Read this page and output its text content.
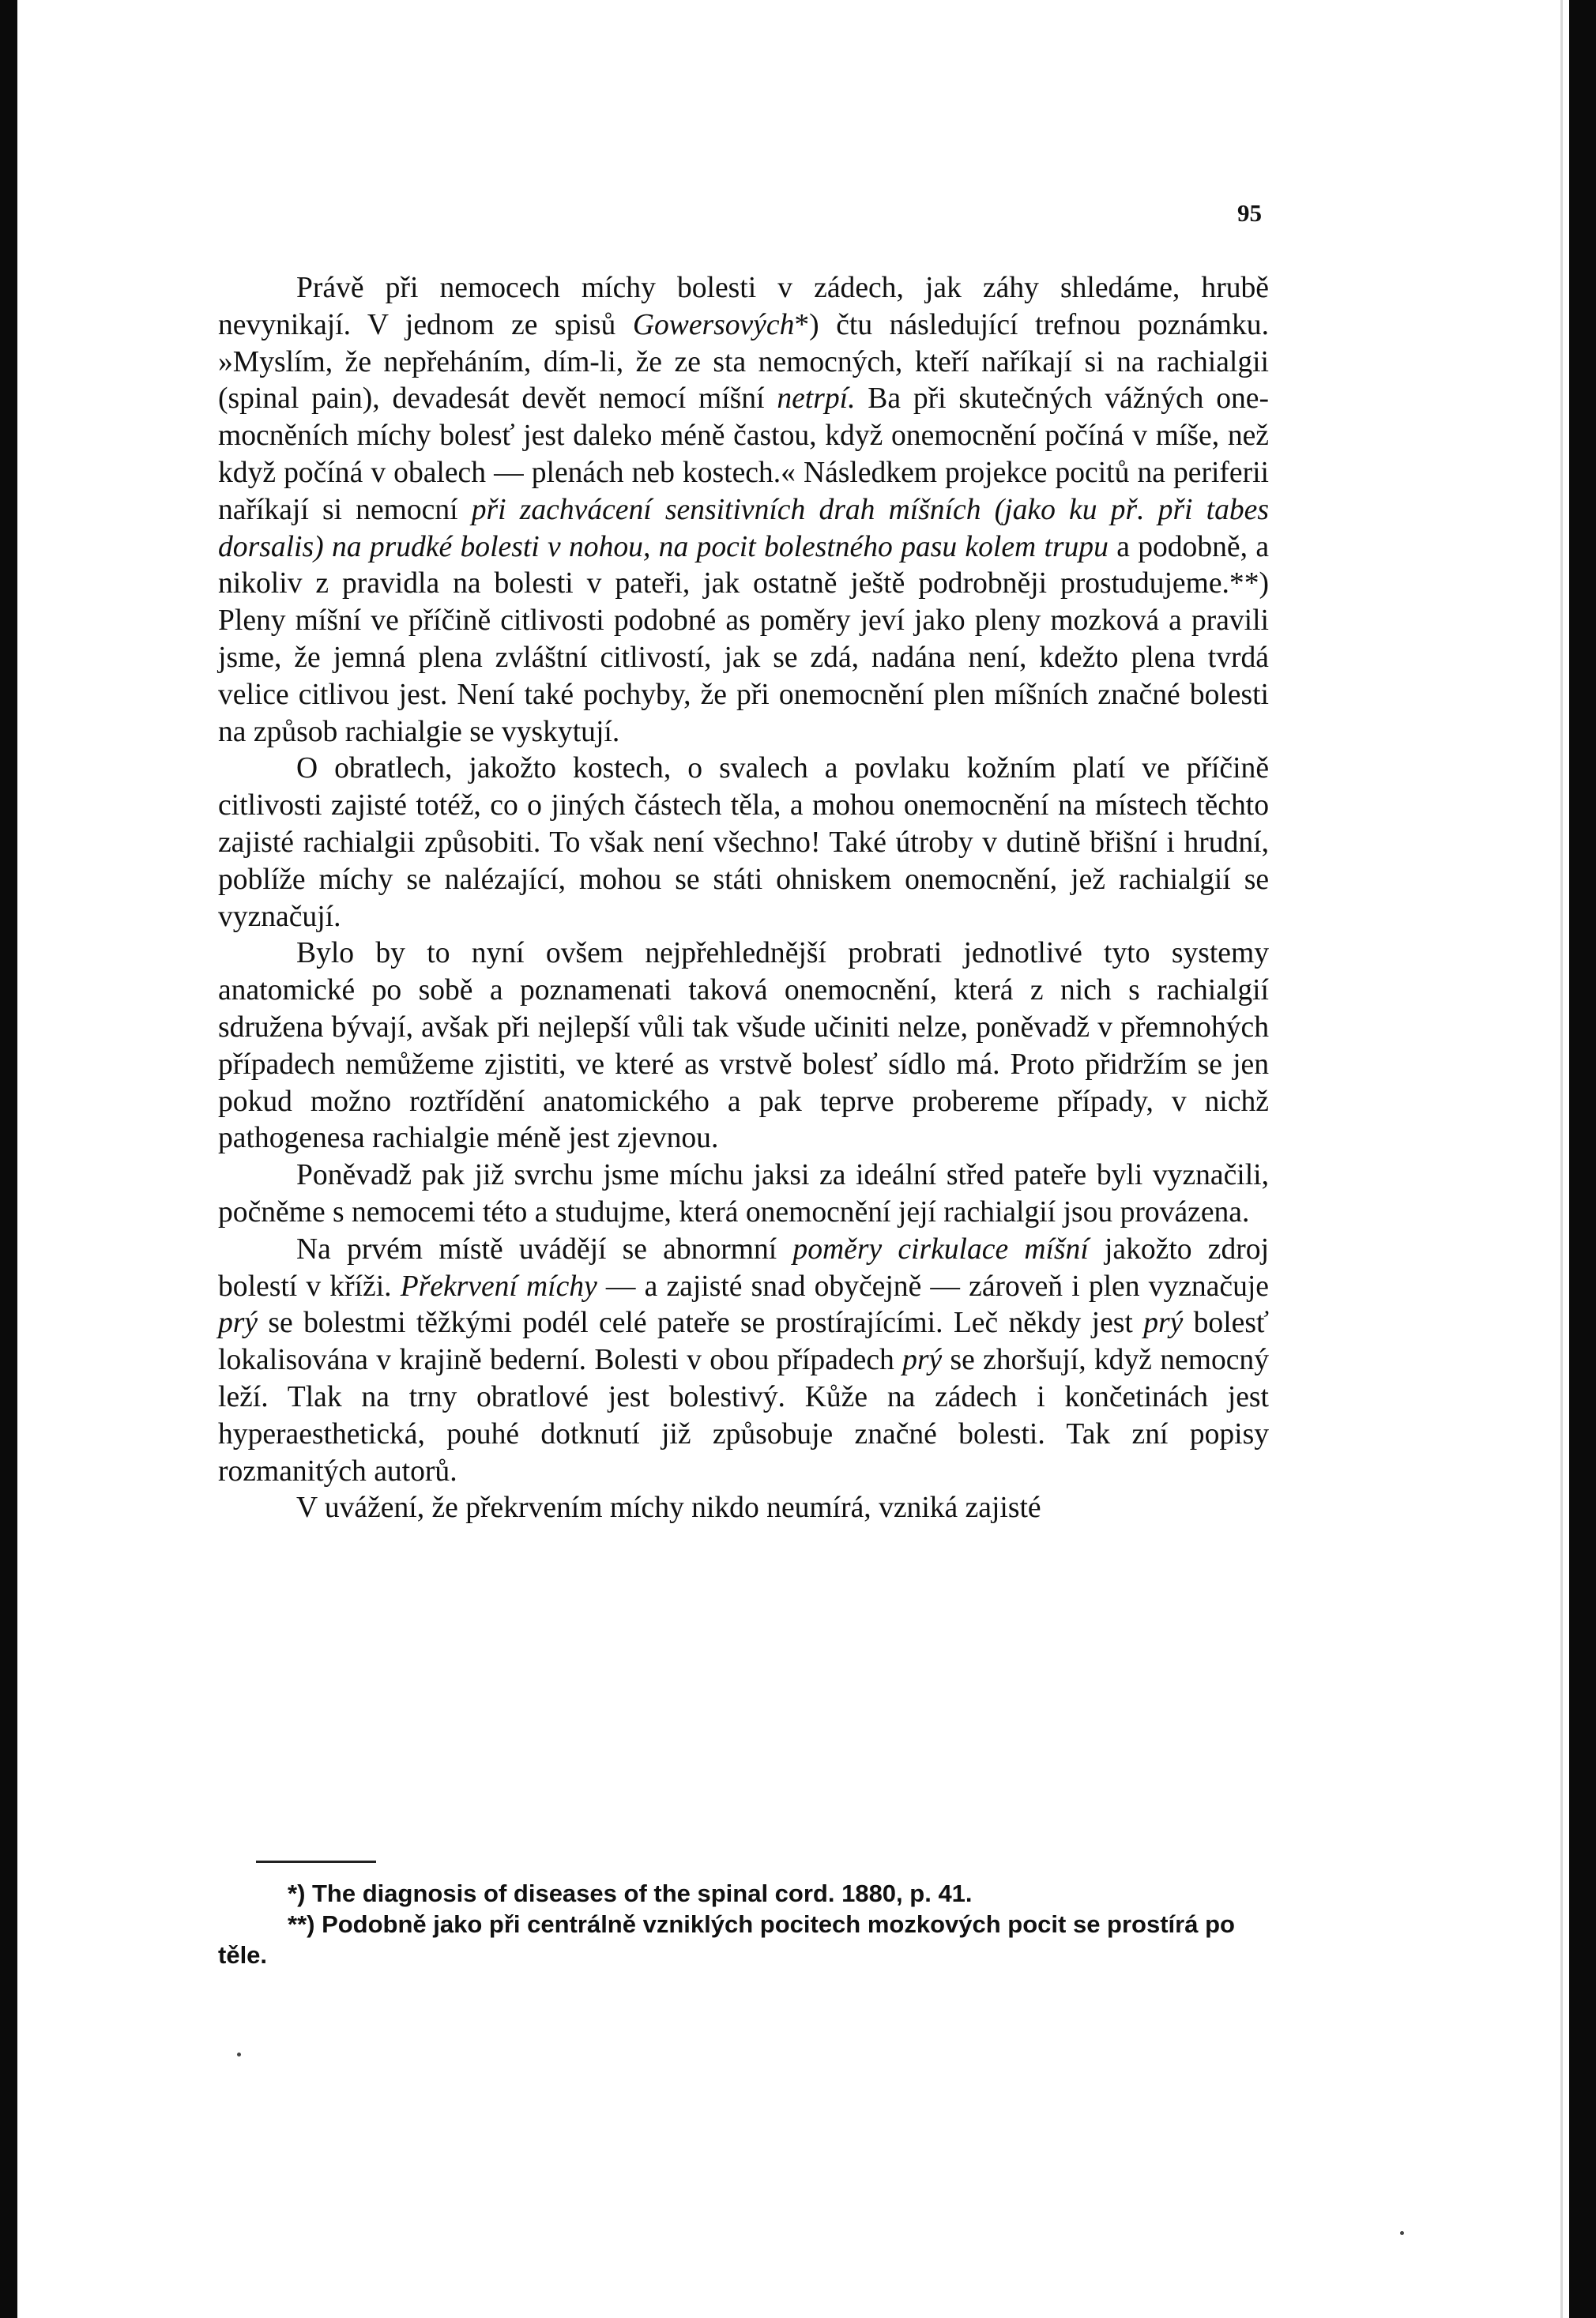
95

Právě při nemocech míchy bolesti v zádech, jak záhy shledáme, hrubě nevynikají. V jednom ze spisů Gowersových*) čtu následující trefnou poznámku. »Myslím, že nepřeháním, dím-li, že ze sta nemocných, kteří naříkají si na rachialgii (spinal pain), devadesát devět nemocí míšní netrpí. Ba při skutečných vážných onemocněních míchy bolesť jest daleko méně častou, když onemocnění počíná v míše, než když počíná v obalech — plenách neb kostech.« Následkem projekce pocitů na periferii naříkají si nemocní při zachvácení sensitivních drah míšních (jako ku př. při tabes dorsalis) na prudké bolesti v nohou, na pocit bolestného pasu kolem trupu a podobně, a nikoliv z pravidla na bolesti v pateři, jak ostatně ještě podrobněji prostudujeme.**) Pleny míšní ve příčině citlivosti podobné as poměry jeví jako pleny mozková a pravili jsme, že jemná plena zvláštní citlivostí, jak se zdá, nadána není, kdežto plena tvrdá velice citlivou jest. Není také pochyby, že při onemocnění plen míšních značné bolesti na způsob rachialgie se vyskytují.

O obratlech, jakožto kostech, o svalech a povlaku kožním platí ve příčině citlivosti zajisté totéž, co o jiných částech těla, a mohou onemocnění na místech těchto zajisté rachialgii způsobiti. To však není všechno! Také útroby v dutině břišní i hrudní, poblíže míchy se nalézající, mohou se státi ohniskem onemocnění, jež rachialgií se vyznačují.

Bylo by to nyní ovšem nejpřehlednější probrati jednotlivé tyto systemy anatomické po sobě a poznamenati taková onemocnění, která z nich s rachialgií sdružena bývají, avšak při nejlepší vůli tak všude učiniti nelze, poněvadž v přemnohých případech nemůžeme zjistiti, ve které as vrstvě bolesť sídlo má. Proto přidržím se jen pokud možno roztřídění anatomického a pak teprve probereme případy, v nichž pathogenesa rachialgie méně jest zjevnou.

Poněvadž pak již svrchu jsme míchu jaksi za ideální střed pateře byli vyznačili, počněme s nemocemi této a studujme, která onemocnění její rachialgií jsou provázena.

Na prvém místě uvádějí se abnormní poměry cirkulace míšní jakožto zdroj bolestí v kříži. Překrvení míchy — a zajisté snad obyčejně — zároveň i plen vyznačuje prý se bolestmi těžkými podél celé pateře se prostírajícími. Leč někdy jest prý bolesť lokalisována v krajině bederní. Bolesti v obou případech prý se zhoršují, když nemocný leží. Tlak na trny obratlové jest bolestivý. Kůže na zádech i končetinách jest hyperaesthetická, pouhé dotknutí již způsobuje značné bolesti. Tak zní popisy rozmanitých autorů.

V uvážení, že překrvením míchy nikdo neumírá, vzniká zajisté

*) The diagnosis of diseases of the spinal cord. 1880, p. 41.

**) Podobně jako při centrálně vzniklých pocitech mozkových pocit se prostírá po těle.
